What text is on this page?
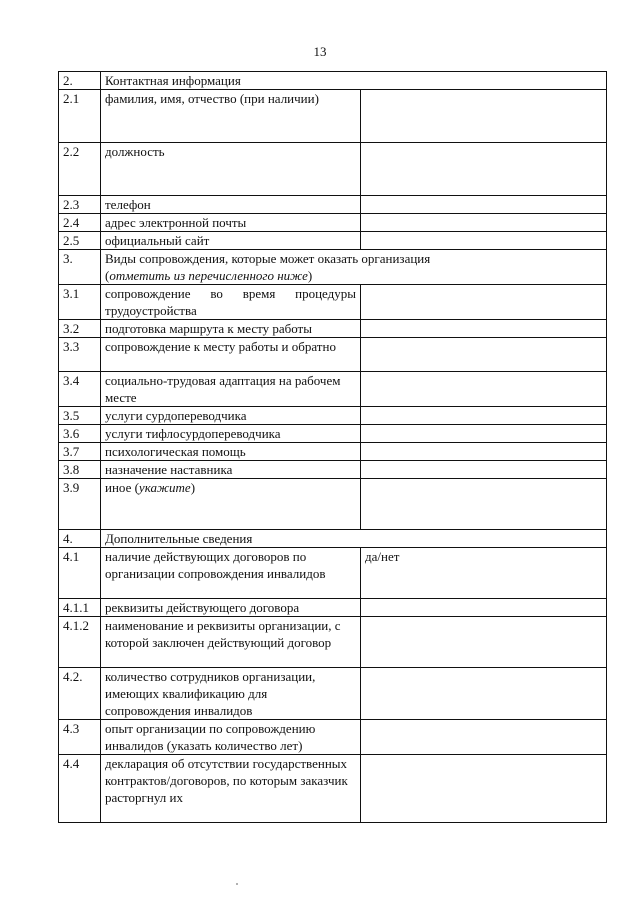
13
2.	Контактная информация	
2.1	фамилия, имя, отчество (при наличии)	
2.2	должность	
2.3	телефон	
2.4	адрес электронной почты	
2.5	официальный сайт	
3.	Виды сопровождения, которые может оказать организация
(отметить из перечисленного ниже)	
3.1	сопровождение во время процедуры трудоустройства	
3.2	подготовка маршрута к месту работы	
3.3	сопровождение к месту работы и обратно	
3.4	социально-трудовая адаптация на рабочем месте	
3.5	услуги сурдопереводчика	
3.6	услуги тифлосурдопереводчика	
3.7	психологическая помощь	
3.8	назначение наставника	
3.9	иное (укажите)	
4.	Дополнительные сведения	
4.1	наличие действующих договоров по организации сопровождения инвалидов	да/нет
4.1.1	реквизиты действующего договора	
4.1.2	наименование и реквизиты организации, с которой заключен действующий договор	
4.2.	количество сотрудников организации, имеющих квалификацию для сопровождения инвалидов	
4.3	опыт организации по сопровождению инвалидов (указать количество лет)	
4.4	декларация об отсутствии государственных контрактов/договоров, по которым заказчик расторгнул их	
